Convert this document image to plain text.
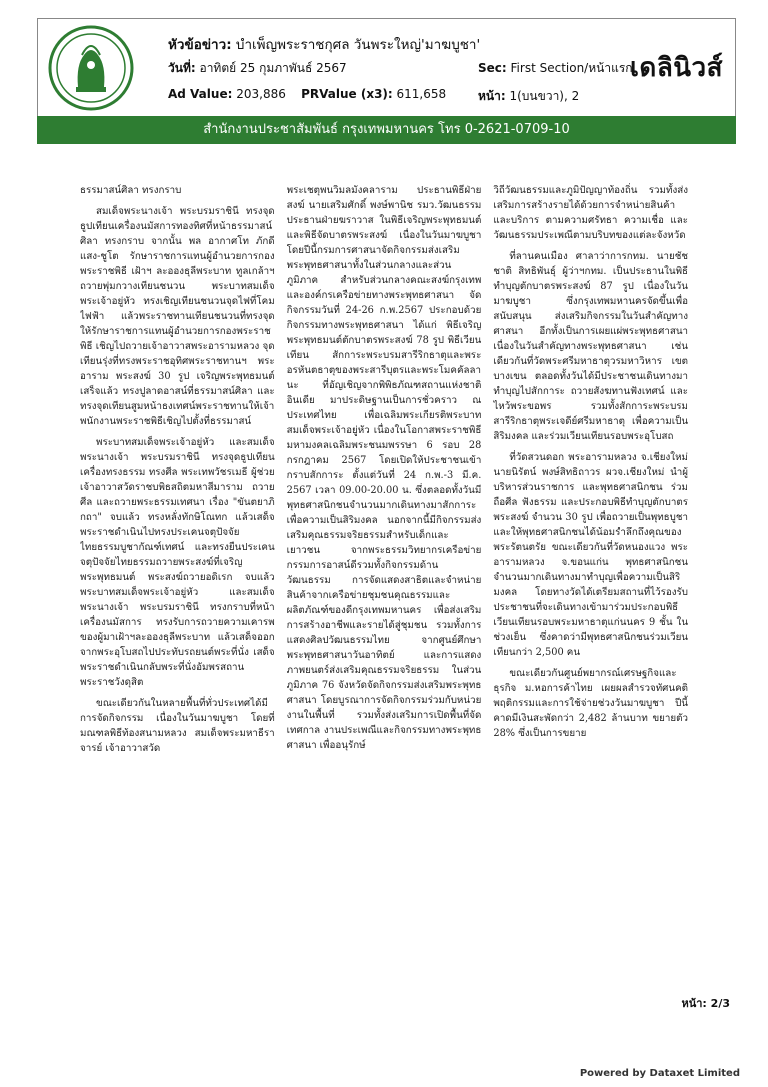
หัวข้อข่าว: บำเพ็ญพระราชกุศล วันพระใหญ่'มาฆบูชา'
วันที่: อาทิตย์ 25 กุมภาพันธ์ 2567	Sec: First Section/หน้าแรก
Ad Value: 203,886 PRValue (x3): 611,658	หน้า: 1(บนขวา), 2
เดลินิวส์
สำนักงานประชาสัมพันธ์ กรุงเทพมหานคร โทร 0-2621-0709-10

ธรรมาสน์ศิลา ทรงกราบ

สมเด็จพระนางเจ้า พระบรมราชินี ทรงจุดธูปเทียนเครื่องนมัสการทองทิศที่หน้าธรรมาสน์ศิลา ทรงกราบ จากนั้น พล อากาศโท ภักดี แสง-ชูโต รักษาราชการแทนผู้อำนวยการกองพระราชพิธี เฝ้าฯ ละอองธุลีพระบาท ทูลเกล้าฯถวายพุ่มกวางเทียนชนวน พระบาทสมเด็จพระเจ้าอยู่หัว ทรงเชิญเทียนชนวนจุดไฟที่โคมไฟฟ้า แล้วพระราชทานเทียนชนวนที่ทรงจุด ให้รักษาราชการแทนผู้อำนวยการกองพระราชพิธี เชิญไปถวายเจ้าอาวาสพระอารามหลวง จุดเทียนรุ่งที่ทรงพระราชอุทิศพระราชทานฯ พระอาราม พระสงฆ์ 30 รูป เจริญพระพุทธมนต์ เสร็จแล้ว ทรงปูลาดอาสน์ที่ธรรมาสน์ศิลา และทรงจุดเทียนสูมหน้าธงเทศน์พระราชทานให้เจ้าพนักงานพระราชพิธีเชิญไปตั้งที่ธรรมาสน์

พระบาทสมเด็จพระเจ้าอยู่หัว และสมเด็จพระนางเจ้า พระบรมราชินี ทรงจุดธูปเทียนเครื่องทรงธรรม ทรงศีล พระเทพวัชรเมธี ผู้ช่วยเจ้าอาวาสวัดราชบพิธสถิตมหาสีมาราม ถวายศีล และถวายพระธรรมเทศนา เรื่อง "ขันตยาภิกถา" จบแล้ว ทรงหลั่งทักษิโณทก แล้วเสด็จพระราชดำเนินไปทรงประเคนจตุปัจจัยไทยธรรมบูชากัณฑ์เทศน์ และทรงยืนประเคนจตุปัจจัยไทยธรรมถวายพระสงฆ์ที่เจริญพระพุทธมนต์ พระสงฆ์ถวายอดิเรก จบแล้ว พระบาทสมเด็จพระเจ้าอยู่หัว และสมเด็จพระนางเจ้า พระบรมราชินี ทรงกราบที่หน้าเครื่องนมัสการ ทรงรับการถวายความเคารพของผู้มาเฝ้าฯละอองธุลีพระบาท แล้วเสด็จออกจากพระอุโบสถไปประทับรถยนต์พระที่นั่ง เสด็จพระราชดำเนินกลับพระที่นั่งอัมพรสถาน พระราชวังดุสิต

ขณะเดียวกันในหลายพื้นที่ทั่วประเทศได้มีการจัดกิจกรรม เนื่องในวันมาฆบูชา โดยที่มณฑลพิธีท้องสนามหลวง สมเด็จพระมหาธีราจารย์ เจ้าอาวาสวัด

พระเชตุพนวิมลมังคลาราม ประธานพิธีฝ่ายสงฆ์ นายเสริมศักดิ์ พงษ์พานิช รมว.วัฒนธรรม ประธานฝ่ายฆราวาส ในพิธีเจริญพระพุทธมนต์และพิธีจัดบาตรพระสงฆ์ เนื่องในวันมาฆบูชา โดยปีนี้กรมการศาสนาจัดกิจกรรมส่งเสริมพระพุทธศาสนาทั้งในส่วนกลางและส่วนภูมิภาค สำหรับส่วนกลางคณะสงฆ์กรุงเทพ และองค์กรเครือข่ายทางพระพุทธศาสนา จัดกิจกรรมวันที่ 24-26 ก.พ.2567 ประกอบด้วย กิจกรรมทางพระพุทธศาสนา ได้แก่ พิธีเจริญพระพุทธมนต์ตักบาตรพระสงฆ์ 78 รูป พิธีเวียนเทียน สักการะพระบรมสารีริกธาตุและพระอรหันตธาตุของพระสารีบุตรและพระโมคคัลลานะ ที่อัญเชิญจากพิพิธภัณฑสถานแห่งชาติอินเดีย มาประดิษฐานเป็นการชั่วคราว ณ ประเทศไทย เพื่อเฉลิมพระเกียรติพระบาทสมเด็จพระเจ้าอยู่หัว เนื่องในโอกาสพระราชพิธีมหามงคลเฉลิมพระชนมพรรษา 6 รอบ 28 กรกฎาคม 2567 โดยเปิดให้ประชาชนเข้ากราบสักการะ ตั้งแต่วันที่ 24 ก.พ.-3 มี.ค. 2567 เวลา 09.00-20.00 น. ซึ่งตลอดทั้งวันมีพุทธศาสนิกชนจำนวนมากเดินทางมาสักการะเพื่อความเป็นสิริมงคล นอกจากนี้มีกิจกรรมส่งเสริมคุณธรรมจริยธรรมสำหรับเด็กและเยาวชน จากพระธรรมวิทยากรเครือข่ายกรรมการอาสน์ดีรวมทั้งกิจกรรมด้านวัฒนธรรม การจัดแสดงสาธิตและจำหน่ายสินค้าจากเครือข่ายชุมชนคุณธรรมและผลิตภัณฑ์ของดีกรุงเทพมหานคร เพื่อส่งเสริมการสร้างอาชีพและรายได้สู่ชุมชน รวมทั้งการแสดงศิลปวัฒนธรรมไทย จากศูนย์ศึกษาพระพุทธศาสนาวันอาทิตย์ และการแสดงภาพยนตร์ส่งเสริมคุณธรรมจริยธรรม ในส่วนภูมิภาค 76 จังหวัดจัดกิจกรรมส่งเสริมพระพุทธศาสนา โดยบูรณาการจัดกิจกรรมร่วมกับหน่วยงานในพื้นที่ รวมทั้งส่งเสริมการเปิดพื้นที่จัดเทศกาล งานประเพณีและกิจกรรมทางพระพุทธศาสนา เพื่ออนุรักษ์

วิถีวัฒนธรรมและภูมิปัญญาท้องถิ่น รวมทั้งส่งเสริมการสร้างรายได้ด้วยการจำหน่ายสินค้าและบริการ ตามความศรัทธา ความเชื่อ และวัฒนธรรมประเพณีตามบริบทของแต่ละจังหวัด

ที่ลานคนเมือง ศาลาว่าการกทม. นายชัชชาติ สิทธิพันธุ์ ผู้ว่าฯกทม. เป็นประธานในพิธีทำบุญตักบาตรพระสงฆ์ 87 รูป เนื่องในวันมาฆบูชา ซึ่งกรุงเทพมหานครจัดขึ้นเพื่อสนับสนุน ส่งเสริมกิจกรรมในวันสำคัญทางศาสนา อีกทั้งเป็นการเผยแผ่พระพุทธศาสนา เนื่องในวันสำคัญทางพระพุทธศาสนา เช่นเดียวกันที่วัดพระศรีมหาธาตุวรมหาวิหาร เขตบางเขน ตลอดทั้งวันได้มีประชาชนเดินทางมาทำบุญไปสักการะ ถวายสังฆทานฟังเทศน์ และไหว้พระขอพร รวมทั้งสักการะพระบรมสารีริกธาตุพระเจดีย์ศรีมหาธาตุ เพื่อความเป็นสิริมงคล และร่วมเวียนเทียนรอบพระอุโบสถ

ที่วัดสวนดอก พระอารามหลวง จ.เชียงใหม่ นายนิรัตน์ พงษ์สิทธิถาวร ผวจ.เชียงใหม่ นำผู้บริหารส่วนราชการ และพุทธศาสนิกชน ร่วมถือศีล ฟังธรรม และประกอบพิธีทำบุญตักบาตรพระสงฆ์ จำนวน 30 รูป เพื่อถวายเป็นพุทธบูชา และให้พุทธศาสนิกชนได้น้อมรำลึกถึงคุณของพระรัตนตรัย ขณะเดียวกันที่วัดหนองแวง พระอารามหลวง จ.ขอนแก่น พุทธศาสนิกชนจำนวนมากเดินทางมาทำบุญเพื่อความเป็นสิริมงคล โดยทางวัดได้เตรียมสถานที่ไว้รองรับประชาชนที่จะเดินทางเข้ามาร่วมประกอบพิธีเวียนเทียนรอบพระมหาธาตุแก่นนคร 9 ชั้น ในช่วงเย็น ซึ่งคาดว่ามีพุทธศาสนิกชนร่วมเวียนเทียนกว่า 2,500 คน

ขณะเดียวกันศูนย์พยากรณ์เศรษฐกิจและธุรกิจ ม.หอการค้าไทย เผยผลสำรวจทัศนคติพฤติกรรมและการใช้จ่ายช่วงวันมาฆบูชา ปีนี้คาดมีเงินสะพัดกว่า 2,482 ล้านบาท ขยายตัว 28% ซึ่งเป็นการขยาย

หน้า: 2/3
Powered by Dataxet Limited
